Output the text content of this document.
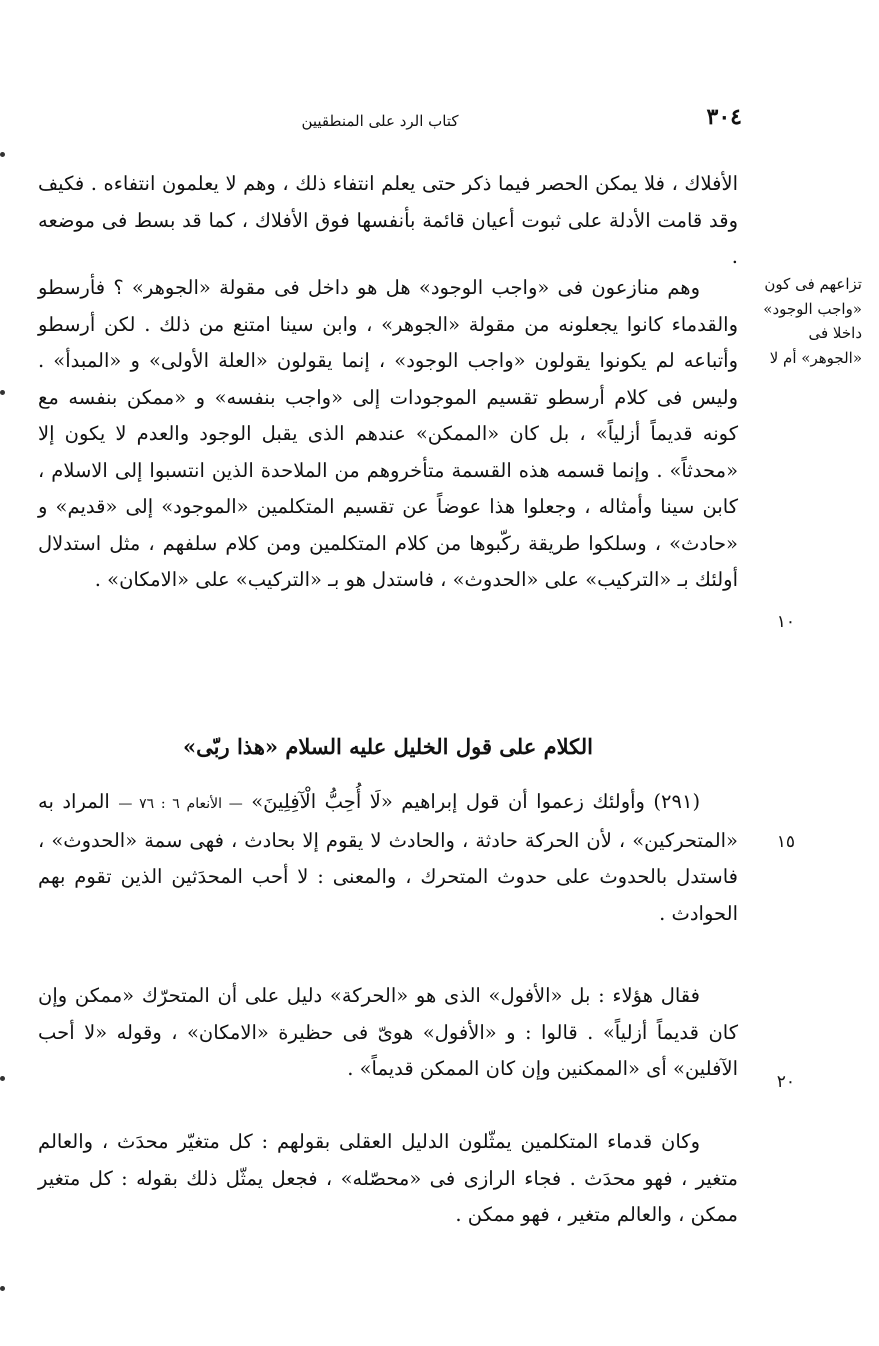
٣٠٤
كتاب الرد على المنطقيين
تزاعهم فى كون «واجب الوجود» داخلا فى «الجوهر» أم لا
١٠
١٥
٢٠

الأفلاك ، فلا يمكن الحصر فيما ذكر حتى يعلم انتفاء ذلك ، وهم لا يعلمون انتفاءه . فكيف وقد قامت الأدلة على ثبوت أعيان قائمة بأنفسها فوق الأفلاك ، كما قد بسط فى موضعه .

وهم منازعون فى «واجب الوجود» هل هو داخل فى مقولة «الجوهر» ؟ فأرسطو والقدماء كانوا يجعلونه من مقولة «الجوهر» ، وابن سينا امتنع من ذلك . لكن أرسطو وأتباعه لم يكونوا يقولون «واجب الوجود» ، إنما يقولون «العلة الأولى» و «المبدأ» . وليس فى كلام أرسطو تقسيم الموجودات إلى «واجب بنفسه» و «ممكن بنفسه مع كونه قديماً أزلياً» ، بل كان «الممكن» عندهم الذى يقبل الوجود والعدم لا يكون إلا «محدثاً» . وإنما قسمه هذه القسمة متأخروهم من الملاحدة الذين انتسبوا إلى الاسلام ، كابن سينا وأمثاله ، وجعلوا هذا عوضاً عن تقسيم المتكلمين «الموجود» إلى «قديم» و «حادث» ، وسلكوا طريقة ركّبوها من كلام المتكلمين ومن كلام سلفهم ، مثل استدلال أولئك بـ «التركيب» على «الحدوث» ، فاستدل هو بـ «التركيب» على «الامكان» .

الكلام على قول الخليل عليه السلام «هذا ربّى»

(٢٩١) وأولئك زعموا أن قول إبراهيم «لَا أُحِبُّ الْآفِلِينَ» — الأنعام ٦ : ٧٦ — المراد به «المتحركين» ، لأن الحركة حادثة ، والحادث لا يقوم إلا بحادث ، فهى سمة «الحدوث» ، فاستدل بالحدوث على حدوث المتحرك ، والمعنى : لا أحب المحدَثين الذين تقوم بهم الحوادث .

فقال هؤلاء : بل «الأفول» الذى هو «الحركة» دليل على أن المتحرّك «ممكن وإن كان قديماً أزلياً» . قالوا : و «الأفول» هوىّ فى حظيرة «الامكان» ، وقوله «لا أحب الآفلين» أى «الممكنين وإن كان الممكن قديماً» .

وكان قدماء المتكلمين يمثّلون الدليل العقلى بقولهم : كل متغيّر محدَث ، والعالم متغير ، فهو محدَث . فجاء الرازى فى «محصّله» ، فجعل يمثّل ذلك بقوله : كل متغير ممكن ، والعالم متغير ، فهو ممكن .
